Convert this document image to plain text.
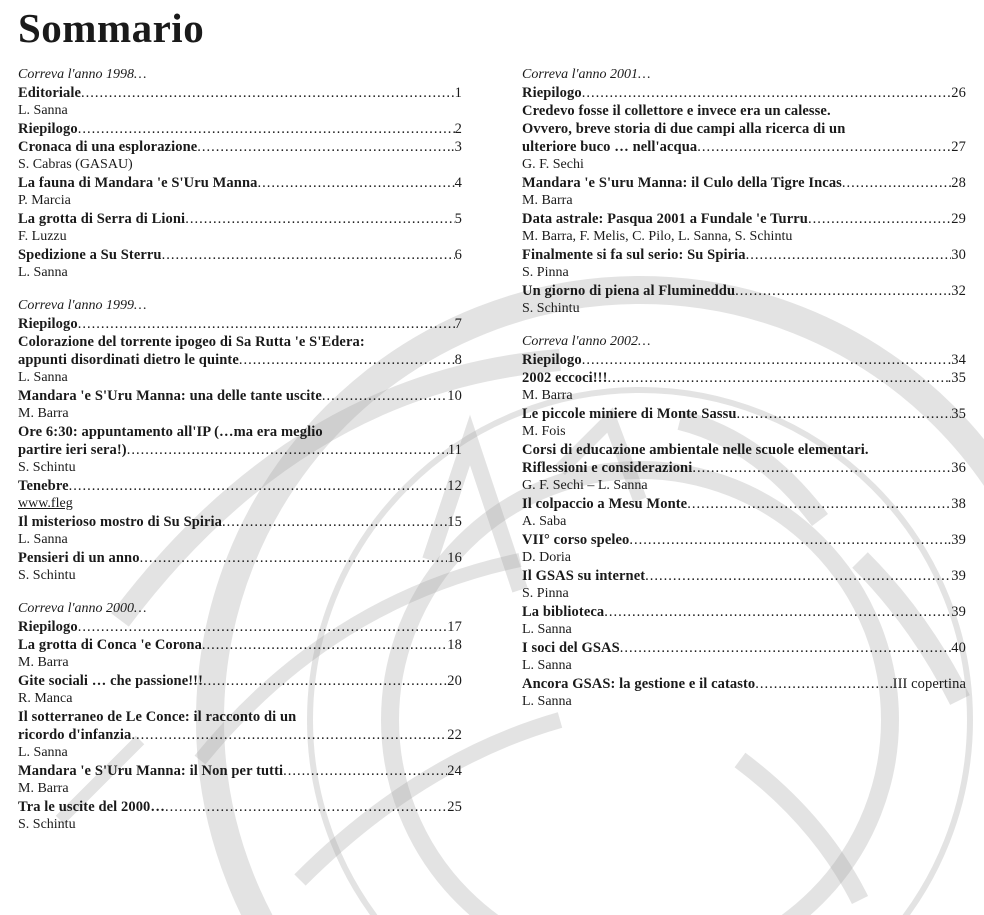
Sommario
Correva l'anno 1998…
Editoriale .....	1
L. Sanna
Riepilogo .....	2
Cronaca di una esplorazione .....	.3
S. Cabras (GASAU)
La fauna di Mandara 'e S'Uru Manna .....	4
P. Marcia
La grotta di Serra di Lioni .....	5
F. Luzzu
Spedizione a Su Sterru .....	6
L. Sanna
Correva l'anno 1999…
Riepilogo .....	7
Colorazione del torrente ipogeo di Sa Rutta 'e S'Edera:
appunti disordinati dietro le quinte .....	8
L. Sanna
Mandara 'e S'Uru Manna: una delle tante uscite .....	10
M. Barra
Ore 6:30: appuntamento all'IP (…ma era meglio
partire ieri sera!) .....	11
S. Schintu
Tenebre .....	12
www.fleg
Il misterioso mostro di Su Spiria .....	15
L. Sanna
Pensieri di un anno .....	16
S. Schintu
Correva l'anno 2000…
Riepilogo .....	17
La grotta di Conca 'e Corona .....	18
M. Barra
Gite sociali … che passione!!! .....	20
R. Manca
Il sotterraneo de Le Conce: il racconto di un
ricordo d'infanzia .....	22
L. Sanna
Mandara 'e S'Uru Manna: il Non per tutti .....	24
M. Barra
Tra le uscite del 2000… .....	25
S. Schintu
Correva l'anno 2001…
Riepilogo .....	26
Credevo fosse il collettore e invece era un calesse.
Ovvero, breve storia di due campi alla ricerca di un
ulteriore buco … nell'acqua .....	27
G. F. Sechi
Mandara 'e S'uru Manna: il Culo della Tigre Incas .....	28
M. Barra
Data astrale: Pasqua 2001 a Fundale 'e Turru .....	29
M. Barra, F. Melis, C. Pilo, L. Sanna, S. Schintu
Finalmente si fa sul serio: Su Spiria .....	30
S. Pinna
Un giorno di piena al Flumineddu .....	.32
S. Schintu
Correva l'anno 2002…
Riepilogo .....	.34
2002 eccoci!!! .....	.35
M. Barra
Le piccole miniere di Monte Sassu .....	35
M. Fois
Corsi di educazione ambientale nelle scuole elementari.
Riflessioni e considerazioni .....	36
G. F. Sechi – L. Sanna
Il colpaccio a Mesu Monte .....	38
A. Saba
VII° corso speleo .....	.39
D. Doria
Il GSAS su internet .....	39
S. Pinna
La biblioteca .....	39
L. Sanna
I soci del GSAS .....	40
L. Sanna
Ancora GSAS: la gestione e il catasto .....	III copertina
L. Sanna
